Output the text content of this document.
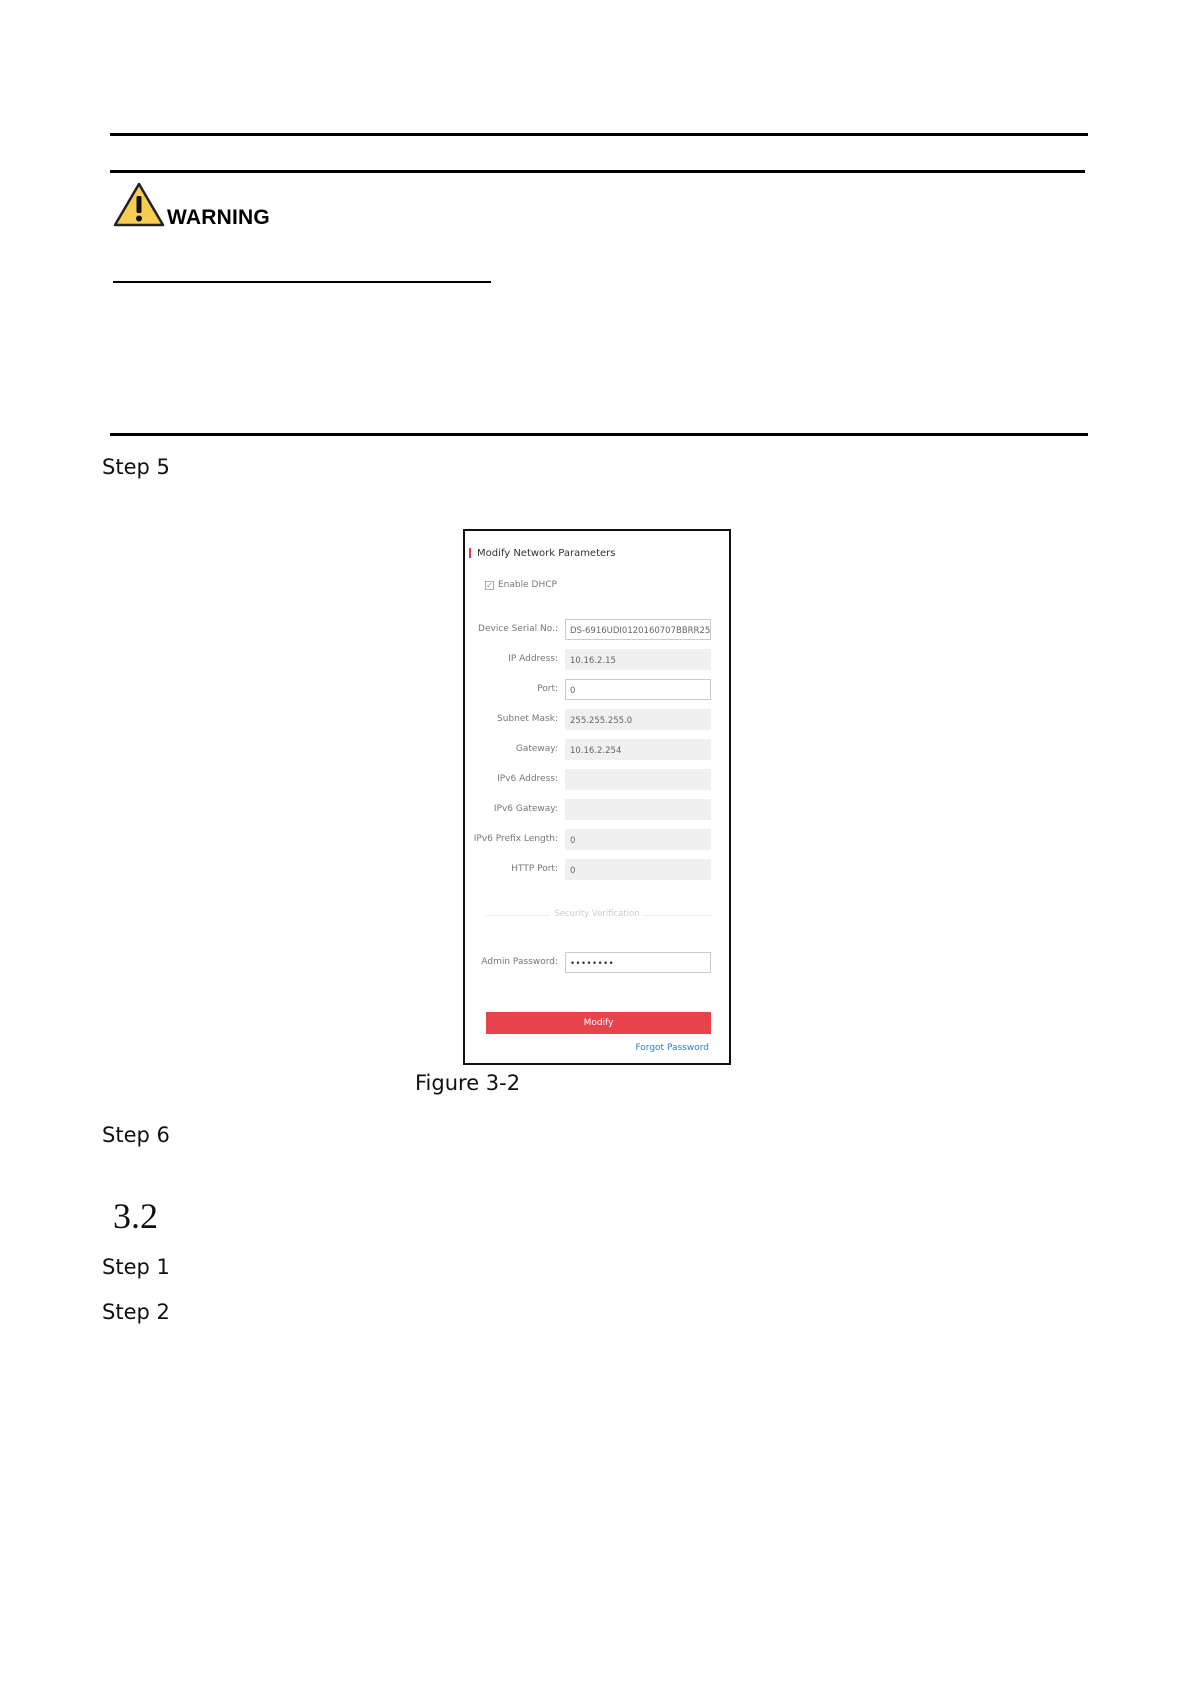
WARNING
Step 5
Modify Network Parameters
✓ Enable DHCP
Device Serial No.:	DS-6916UDI0120160707BBRR25
IP Address:	10.16.2.15
Port:	0
Subnet Mask:	255.255.255.0
Gateway:	10.16.2.254
IPv6 Address:
IPv6 Gateway:
IPv6 Prefix Length:	0
HTTP Port:	0
Security Verification
Admin Password:	••••••••
Modify
Forgot Password
Figure 3-2
Step 6
3.2
Step 1
Step 2
